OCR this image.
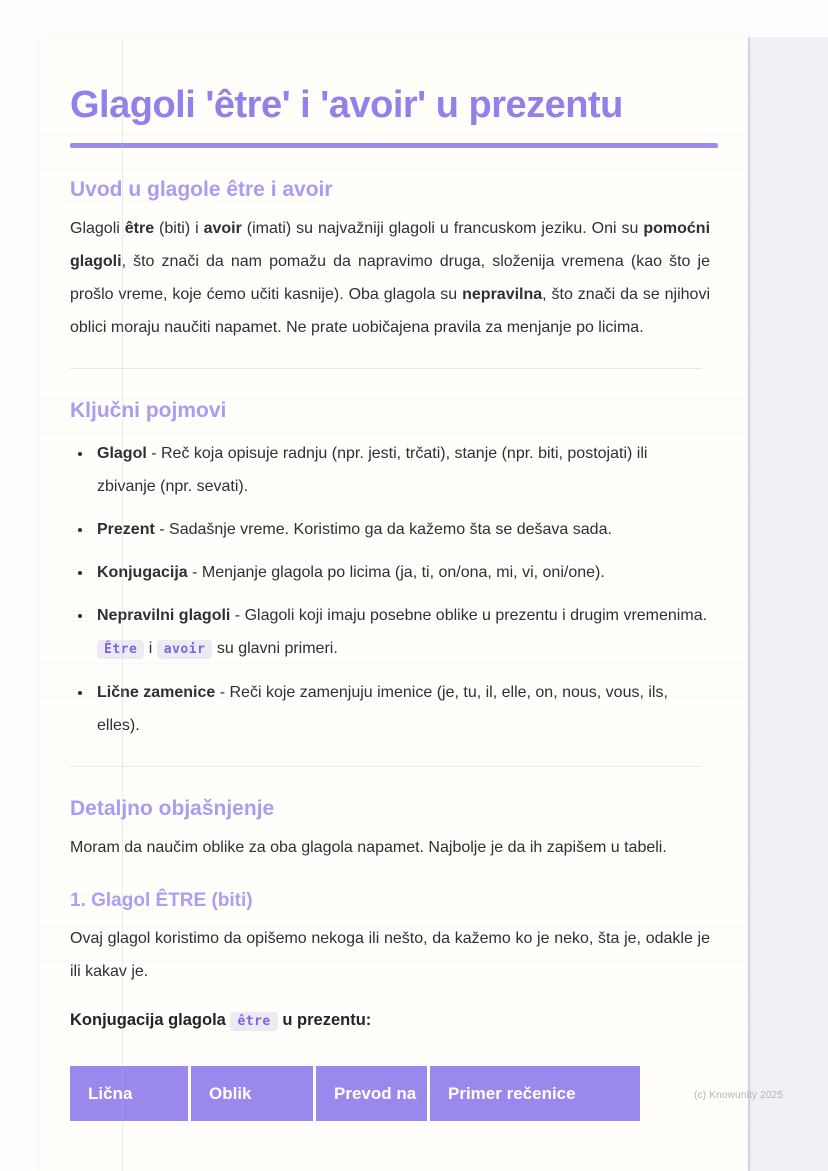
Glagoli 'être' i 'avoir' u prezentu
Uvod u glagole être i avoir

Glagoli être (biti) i avoir (imati) su najvažniji glagoli u francuskom jeziku. Oni su pomoćni glagoli, što znači da nam pomažu da napravimo druga, složenija vremena (kao što je prošlo vreme, koje ćemo učiti kasnije). Oba glagola su nepravilna, što znači da se njihovi oblici moraju naučiti napamet. Ne prate uobičajena pravila za menjanje po licima.

Ključni pojmovi
• Glagol - Reč koja opisuje radnju (npr. jesti, trčati), stanje (npr. biti, postojati) ili zbivanje (npr. sevati).
• Prezent - Sadašnje vreme. Koristimo ga da kažemo šta se dešava sada.
• Konjugacija - Menjanje glagola po licima (ja, ti, on/ona, mi, vi, oni/one).
• Nepravilni glagoli - Glagoli koji imaju posebne oblike u prezentu i drugim vremenima. Être i avoir su glavni primeri.
• Lične zamenice - Reči koje zamenjuju imenice (je, tu, il, elle, on, nous, vous, ils, elles).
Detaljno objašnjenje

Moram da naučim oblike za oba glagola napamet. Najbolje je da ih zapišem u tabeli.

1. Glagol ÊTRE (biti)

Ovaj glagol koristimo da opišemo nekoga ili nešto, da kažemo ko je neko, šta je, odakle je ili kakav je.

Konjugacija glagola être u prezentu:

Lična	Oblik	Prevod na	Primer rečenice	(c) Knowunity 2025
